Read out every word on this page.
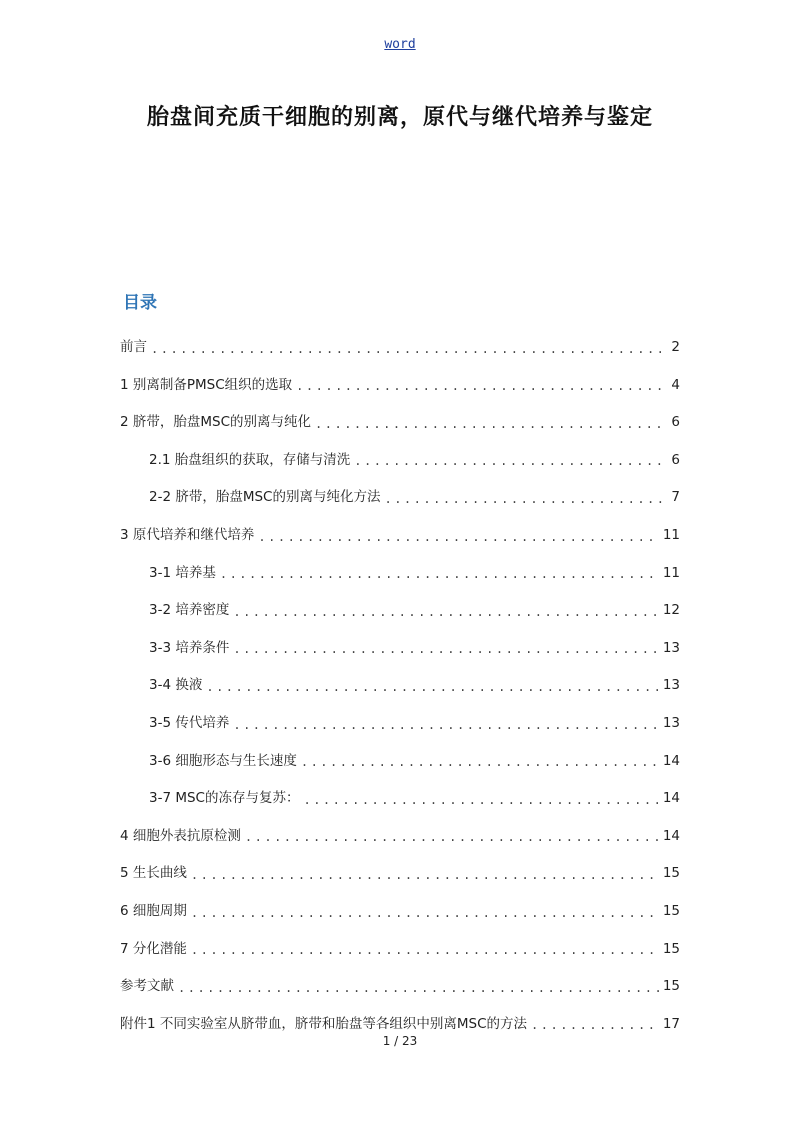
word
胎盘间充质干细胞的别离，原代与继代培养与鉴定
目录
前言 .....	2
1 别离制备PMSC组织的选取 .....	4
2 脐带，胎盘MSC的别离与纯化 .....	6
2.1 胎盘组织的获取，存储与清洗 .....	6
2-2 脐带，胎盘MSC的别离与纯化方法 .....	7
3 原代培养和继代培养 .....	11
3-1 培养基 .....	11
3-2 培养密度 .....	12
3-3 培养条件 .....	13
3-4 换液 .....	13
3-5 传代培养 .....	13
3-6 细胞形态与生长速度 .....	14
3-7 MSC的冻存与复苏： .....	14
4 细胞外表抗原检测 .....	14
5 生长曲线 .....	15
6 细胞周期 .....	15
7 分化潜能 .....	15
参考文献 .....	15
附件1 不同实验室从脐带血，脐带和胎盘等各组织中别离MSC的方法 .....	17
1 / 23
